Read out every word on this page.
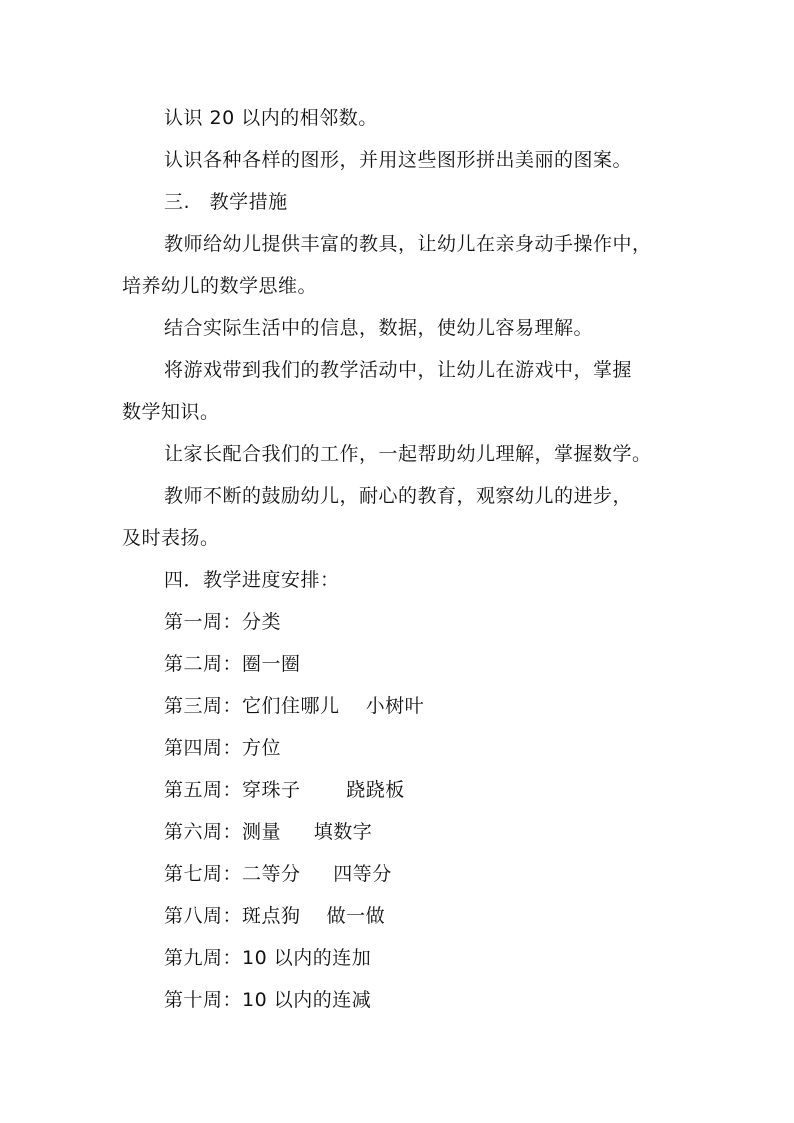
认识 20 以内的相邻数。
认识各种各样的图形，并用这些图形拼出美丽的图案。
三.   教学措施
教师给幼儿提供丰富的教具，让幼儿在亲身动手操作中，
培养幼儿的数学思维。
结合实际生活中的信息，数据，使幼儿容易理解。
将游戏带到我们的教学活动中，让幼儿在游戏中，掌握
数学知识。
让家长配合我们的工作，一起帮助幼儿理解，掌握数学。
教师不断的鼓励幼儿，耐心的教育，观察幼儿的进步，
及时表扬。
四．教学进度安排：
第一周：分类
第二周：圈一圈
第三周：它们住哪儿    小树叶
第四周：方位
第五周：穿珠子       跷跷板
第六周：测量     填数字
第七周：二等分     四等分
第八周：斑点狗    做一做
第九周：10 以内的连加
第十周：10 以内的连减
